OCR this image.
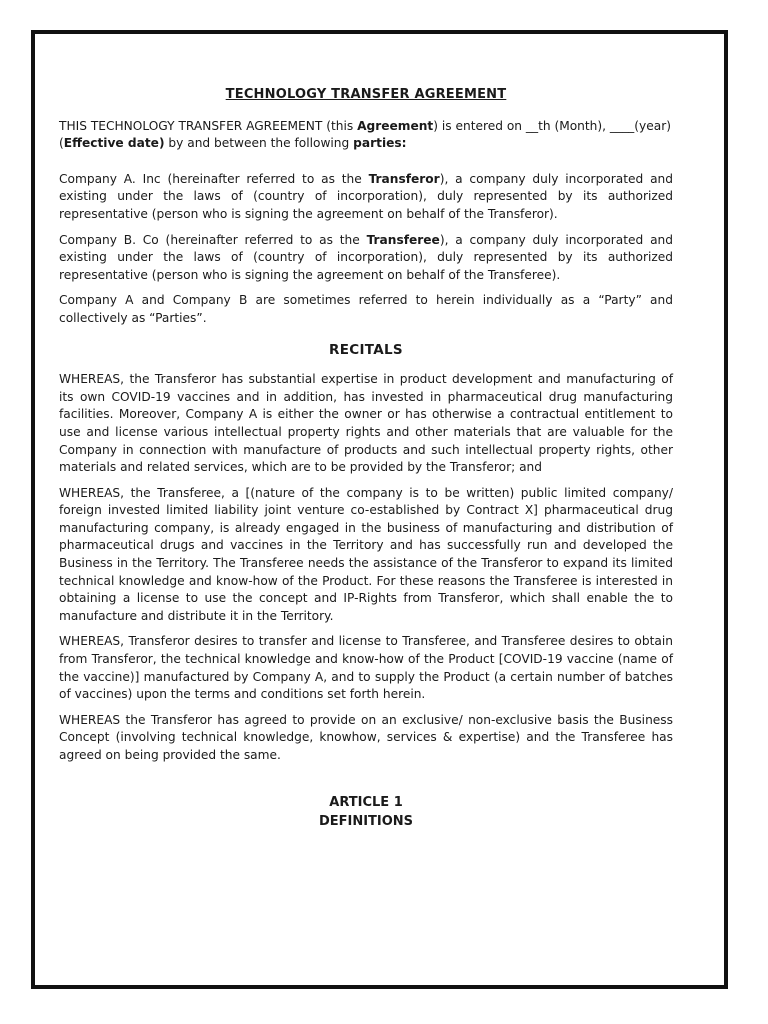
TECHNOLOGY TRANSFER AGREEMENT

THIS TECHNOLOGY TRANSFER AGREEMENT (this Agreement) is entered on __th (Month), ____(year) (Effective date) by and between the following parties:

Company A. Inc (hereinafter referred to as the Transferor), a company duly incorporated and existing under the laws of (country of incorporation), duly represented by its authorized representative (person who is signing the agreement on behalf of the Transferor).

Company B. Co (hereinafter referred to as the Transferee), a company duly incorporated and existing under the laws of (country of incorporation), duly represented by its authorized representative (person who is signing the agreement on behalf of the Transferee).

Company A and Company B are sometimes referred to herein individually as a “Party” and collectively as “Parties”.

RECITALS

WHEREAS, the Transferor has substantial expertise in product development and manufacturing of its own COVID-19 vaccines and in addition, has invested in pharmaceutical drug manufacturing facilities. Moreover, Company A is either the owner or has otherwise a contractual entitlement to use and license various intellectual property rights and other materials that are valuable for the Company in connection with manufacture of products and such intellectual property rights, other materials and related services, which are to be provided by the Transferor; and

WHEREAS, the Transferee, a [(nature of the company is to be written) public limited company/ foreign invested limited liability joint venture co-established by Contract X] pharmaceutical drug manufacturing company, is already engaged in the business of manufacturing and distribution of pharmaceutical drugs and vaccines in the Territory and has successfully run and developed the Business in the Territory. The Transferee needs the assistance of the Transferor to expand its limited technical knowledge and know-how of the Product. For these reasons the Transferee is interested in obtaining a license to use the concept and IP-Rights from Transferor, which shall enable the to manufacture and distribute it in the Territory.

WHEREAS, Transferor desires to transfer and license to Transferee, and Transferee desires to obtain from Transferor, the technical knowledge and know-how of the Product [COVID-19 vaccine (name of the vaccine)] manufactured by Company A, and to supply the Product (a certain number of batches of vaccines) upon the terms and conditions set forth herein.

WHEREAS the Transferor has agreed to provide on an exclusive/ non-exclusive basis the Business Concept (involving technical knowledge, knowhow, services & expertise) and the Transferee has agreed on being provided the same.

ARTICLE 1
DEFINITIONS
